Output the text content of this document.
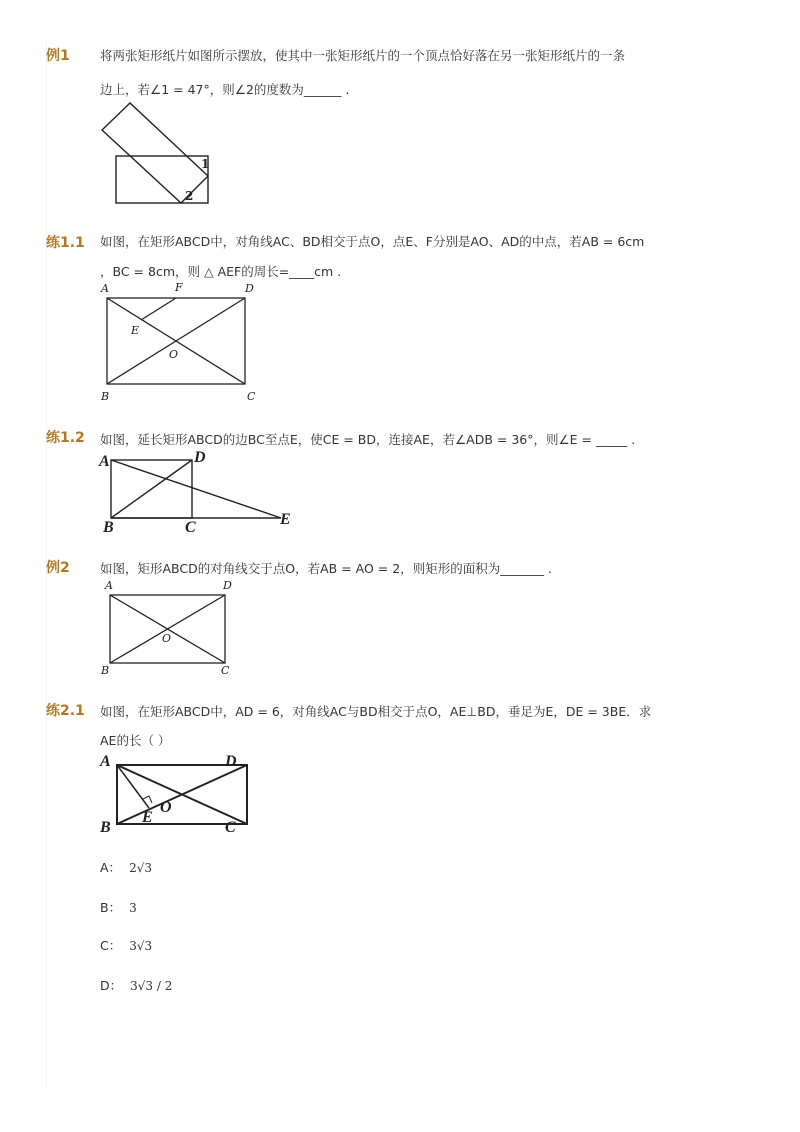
例1 将两张矩形纸片如图所示摆放，使其中一张矩形纸片的一个顶点恰好落在另一张矩形纸片的一条
边上，若∠1 = 47°，则∠2的度数为______ .
1
2
练1.1 如图，在矩形ABCD中，对角线AC、BD相交于点O，点E、F分别是AO、AD的中点，若AB = 6cm
，BC = 8cm，则 △ AEF的周长=____cm .
A	F	D
E
O
B	C
练1.2 如图，延长矩形ABCD的边BC至点E，使CE = BD，连接AE，若∠ADB = 36°，则∠E = _____ .
A	D
B	C	E
例2 如图，矩形ABCD的对角线交于点O，若AB = AO = 2，则矩形的面积为_______ .
A	D
O
B	C
练2.1 如图，在矩形ABCD中，AD = 6，对角线AC与BD相交于点O，AE⊥BD，垂足为E，DE = 3BE．求
AE的长（ ）
A	D
O
E
B	C
A： 2√3
B： 3
C： 3√3
D： 3√3 / 2
